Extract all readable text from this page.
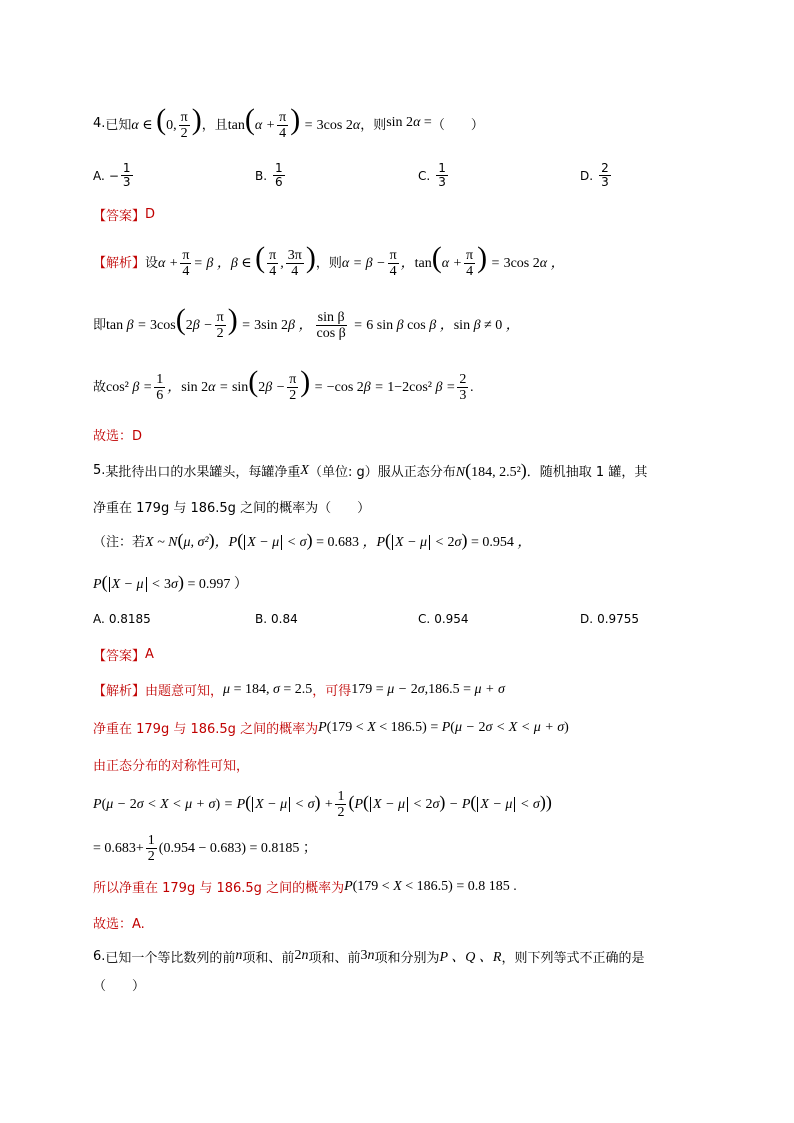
4. 已知 α ∈ (0, $\frac{\pi}{2}$ ) ，且 $\tan(\alpha + \frac{\pi}{4}$ ) = 3cos 2α ，则 sin 2α = （　　）
A. − $\frac{1}{3}$	B. $\frac{1}{6}$	C. $\frac{1}{3}$	D. $\frac{2}{3}$
【答案】 D
【解析】 设 $\alpha + \frac{\pi}{4} = \beta$ ，β ∈ ( $\frac{\pi}{4}$ , $\frac{3\pi}{4}$ ) ，则 $\alpha = \beta - \frac{\pi}{4}$ ，$\tan(\alpha + \frac{\pi}{4}$ ) = 3cos 2α ，
即 $\tan \beta = 3\cos(2\beta - \frac{\pi}{2}$ ) = 3sin 2β ， $\frac{\text{sin β}}{\text{cos β}} = 6$ sin β cos β ，sin β ≠ 0 ，
故 cos² $\beta = \frac{1}{6}$ ，$\sin 2\alpha = \sin(2\beta - \frac{\pi}{2}$ ) = −cos 2β = 1−2cos² $\beta = \frac{2}{3}$ .
故选：D
5. 某批待出口的水果罐头，每罐净重 X （单位: g）服从正态分布 N(184, 2.5²) ．随机抽取 1 罐，其
净重在 179g 与 186.5g 之间的概率为（　　）
（注：若 X ~ N(μ, σ²)，P( X − μ < σ) = 0.683 ，P( X − μ < 2σ) = 0.954 ，
P( X − μ < 3σ) = 0.997 ）
A. 0.8185	B. 0.84	C. 0.954	D. 0.9755
【答案】 A
【解析】 由题意可知， μ = 184, σ = 2.5 ，可得 179 = μ − 2σ,186.5 = μ + σ
净重在 179g 与 186.5g 之间的概率为 P(179 < X < 186.5) = P(μ − 2σ < X < μ + σ)
由正态分布的对称性可知，
P(μ − 2σ < X < μ + σ) = P( $X - \mu < \sigma) + \frac{1}{2} (P$( X − μ < 2σ) − P( X − μ < σ))
= $0.683+ \frac{1}{2} (0.954 - 0.683) = 0.8185$ ；
所以净重在 179g 与 186.5g 之间的概率为 P(179 < X < 186.5) = 0.8 185 .
故选：A.
6. 已知一个等比数列的前 n 项和、前 2n 项和、前 3n 项和分别为 P 、Q 、R ，则下列等式不正确的是
（　　）
